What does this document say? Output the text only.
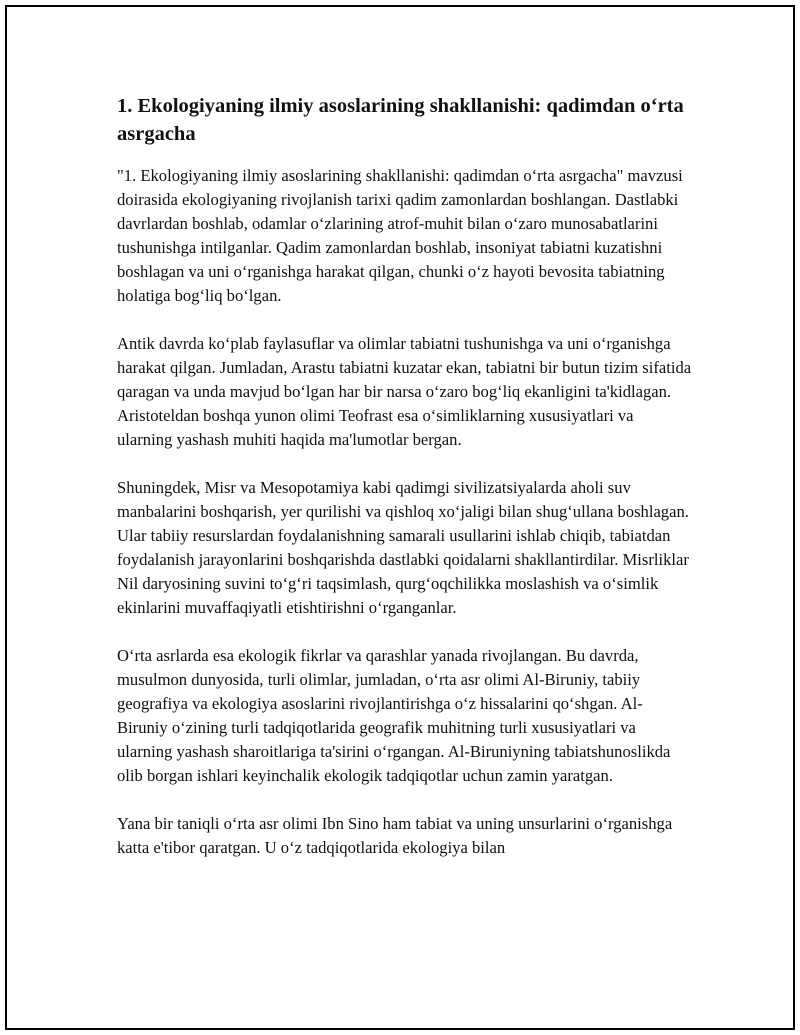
1. Ekologiyaning ilmiy asoslarining shakllanishi: qadimdan o‘rta asrgacha

"1. Ekologiyaning ilmiy asoslarining shakllanishi: qadimdan o‘rta asrgacha" mavzusi doirasida ekologiyaning rivojlanish tarixi qadim zamonlardan boshlangan. Dastlabki davrlardan boshlab, odamlar o‘zlarining atrof-muhit bilan o‘zaro munosabatlarini tushunishga intilganlar. Qadim zamonlardan boshlab, insoniyat tabiatni kuzatishni boshlagan va uni o‘rganishga harakat qilgan, chunki o‘z hayoti bevosita tabiatning holatiga bog‘liq bo‘lgan.

Antik davrda ko‘plab faylasuflar va olimlar tabiatni tushunishga va uni o‘rganishga harakat qilgan. Jumladan, Arastu tabiatni kuzatar ekan, tabiatni bir butun tizim sifatida qaragan va unda mavjud bo‘lgan har bir narsa o‘zaro bog‘liq ekanligini ta'kidlagan. Aristoteldan boshqa yunon olimi Teofrast esa o‘simliklarning xususiyatlari va ularning yashash muhiti haqida ma'lumotlar bergan.

Shuningdek, Misr va Mesopotamiya kabi qadimgi sivilizatsiyalarda aholi suv manbalarini boshqarish, yer qurilishi va qishloq xo‘jaligi bilan shug‘ullana boshlagan. Ular tabiiy resurslardan foydalanishning samarali usullarini ishlab chiqib, tabiatdan foydalanish jarayonlarini boshqarishda dastlabki qoidalarni shakllantirdilar. Misrliklar Nil daryosining suvini to‘g‘ri taqsimlash, qurg‘oqchilikka moslashish va o‘simlik ekinlarini muvaffaqiyatli etishtirishni o‘rganganlar.

O‘rta asrlarda esa ekologik fikrlar va qarashlar yanada rivojlangan. Bu davrda, musulmon dunyosida, turli olimlar, jumladan, o‘rta asr olimi Al-Biruniy, tabiiy geografiya va ekologiya asoslarini rivojlantirishga o‘z hissalarini qo‘shgan. Al-Biruniy o‘zining turli tadqiqotlarida geografik muhitning turli xususiyatlari va ularning yashash sharoitlariga ta'sirini o‘rgangan. Al-Biruniyning tabiatshunoslikda olib borgan ishlari keyinchalik ekologik tadqiqotlar uchun zamin yaratgan.

Yana bir taniqli o‘rta asr olimi Ibn Sino ham tabiat va uning unsurlarini o‘rganishga katta e'tibor qaratgan. U o‘z tadqiqotlarida ekologiya bilan
